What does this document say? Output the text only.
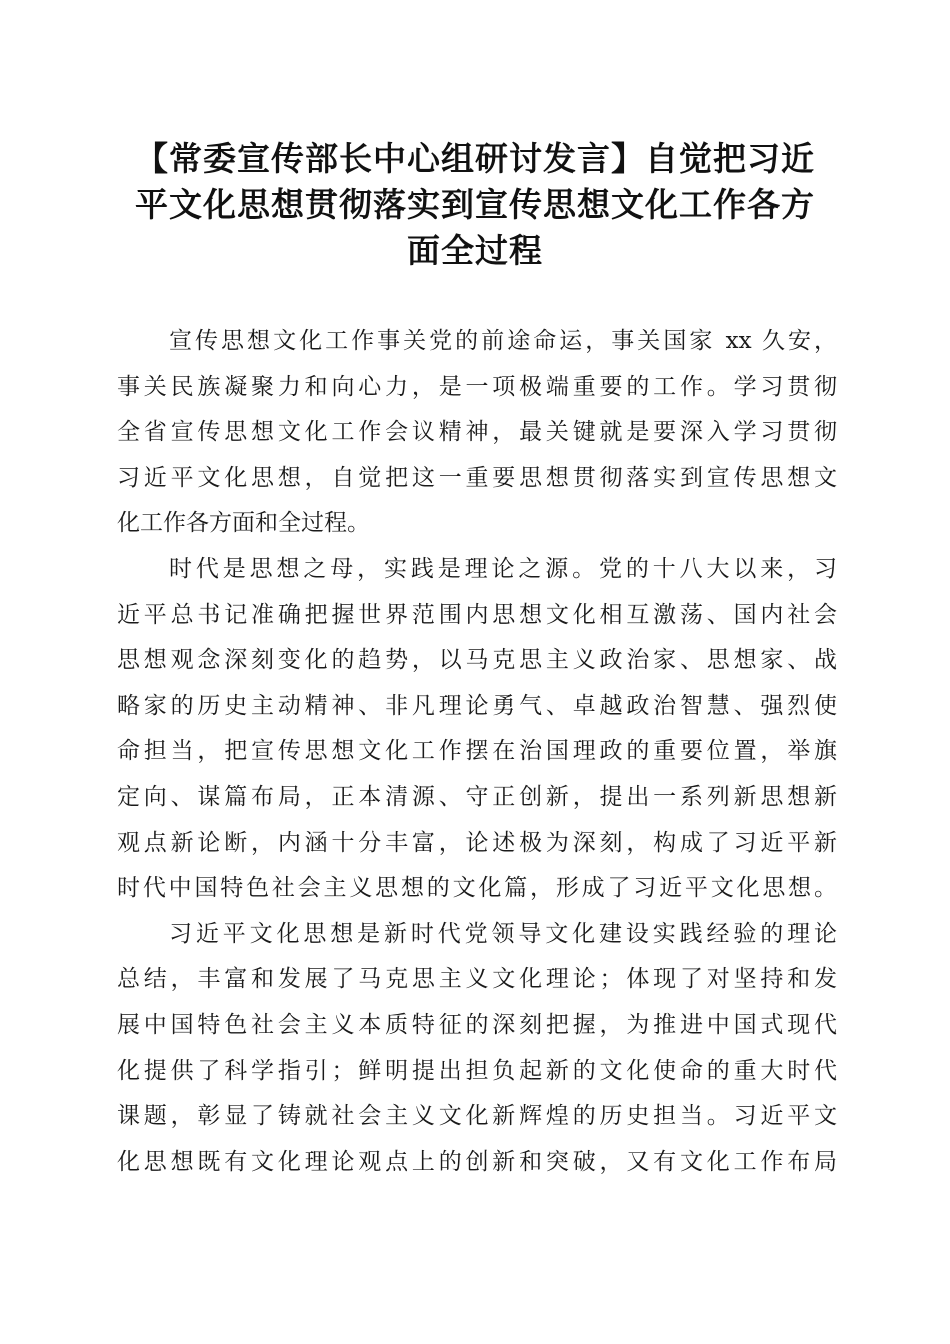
【常委宣传部长中心组研讨发言】自觉把习近
平文化思想贯彻落实到宣传思想文化工作各方
面全过程
宣传思想文化工作事关党的前途命运，事关国家 xx 久安，
事关民族凝聚力和向心力，是一项极端重要的工作。学习贯彻
全省宣传思想文化工作会议精神，最关键就是要深入学习贯彻
习近平文化思想，自觉把这一重要思想贯彻落实到宣传思想文
化工作各方面和全过程。
时代是思想之母，实践是理论之源。党的十八大以来，习
近平总书记准确把握世界范围内思想文化相互激荡、国内社会
思想观念深刻变化的趋势，以马克思主义政治家、思想家、战
略家的历史主动精神、非凡理论勇气、卓越政治智慧、强烈使
命担当，把宣传思想文化工作摆在治国理政的重要位置，举旗
定向、谋篇布局，正本清源、守正创新，提出一系列新思想新
观点新论断，内涵十分丰富，论述极为深刻，构成了习近平新
时代中国特色社会主义思想的文化篇，形成了习近平文化思想。
习近平文化思想是新时代党领导文化建设实践经验的理论
总结，丰富和发展了马克思主义文化理论；体现了对坚持和发
展中国特色社会主义本质特征的深刻把握，为推进中国式现代
化提供了科学指引；鲜明提出担负起新的文化使命的重大时代
课题，彰显了铸就社会主义文化新辉煌的历史担当。习近平文
化思想既有文化理论观点上的创新和突破，又有文化工作布局
